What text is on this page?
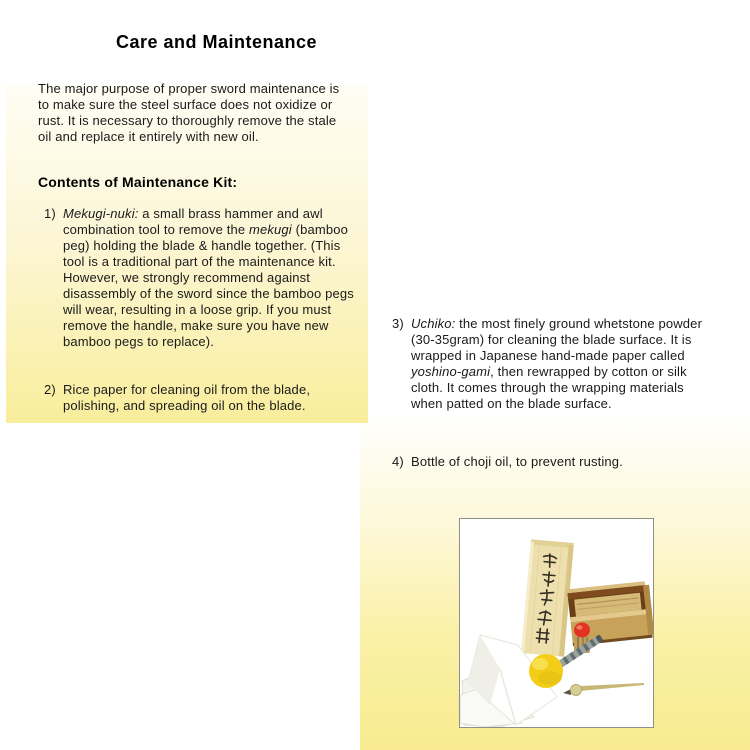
Care and Maintenance
The major purpose of proper sword maintenance is to make sure the steel surface does not oxidize or rust. It is necessary to thoroughly remove the stale oil and replace it entirely with new oil.
Contents of Maintenance Kit:
1) Mekugi-nuki: a small brass hammer and awl combination tool to remove the mekugi (bamboo peg) holding the blade & handle together. (This tool is a traditional part of the maintenance kit. However, we strongly recommend against disassembly of the sword since the bamboo pegs will wear, resulting in a loose grip. If you must remove the handle, make sure you have new bamboo pegs to replace).
2) Rice paper for cleaning oil from the blade, polishing, and spreading oil on the blade.
3) Uchiko: the most finely ground whetstone powder (30-35gram) for cleaning the blade surface. It is wrapped in Japanese hand-made paper called yoshino-gami, then rewrapped by cotton or silk cloth. It comes through the wrapping materials when patted on the blade surface.
4) Bottle of choji oil, to prevent rusting.
